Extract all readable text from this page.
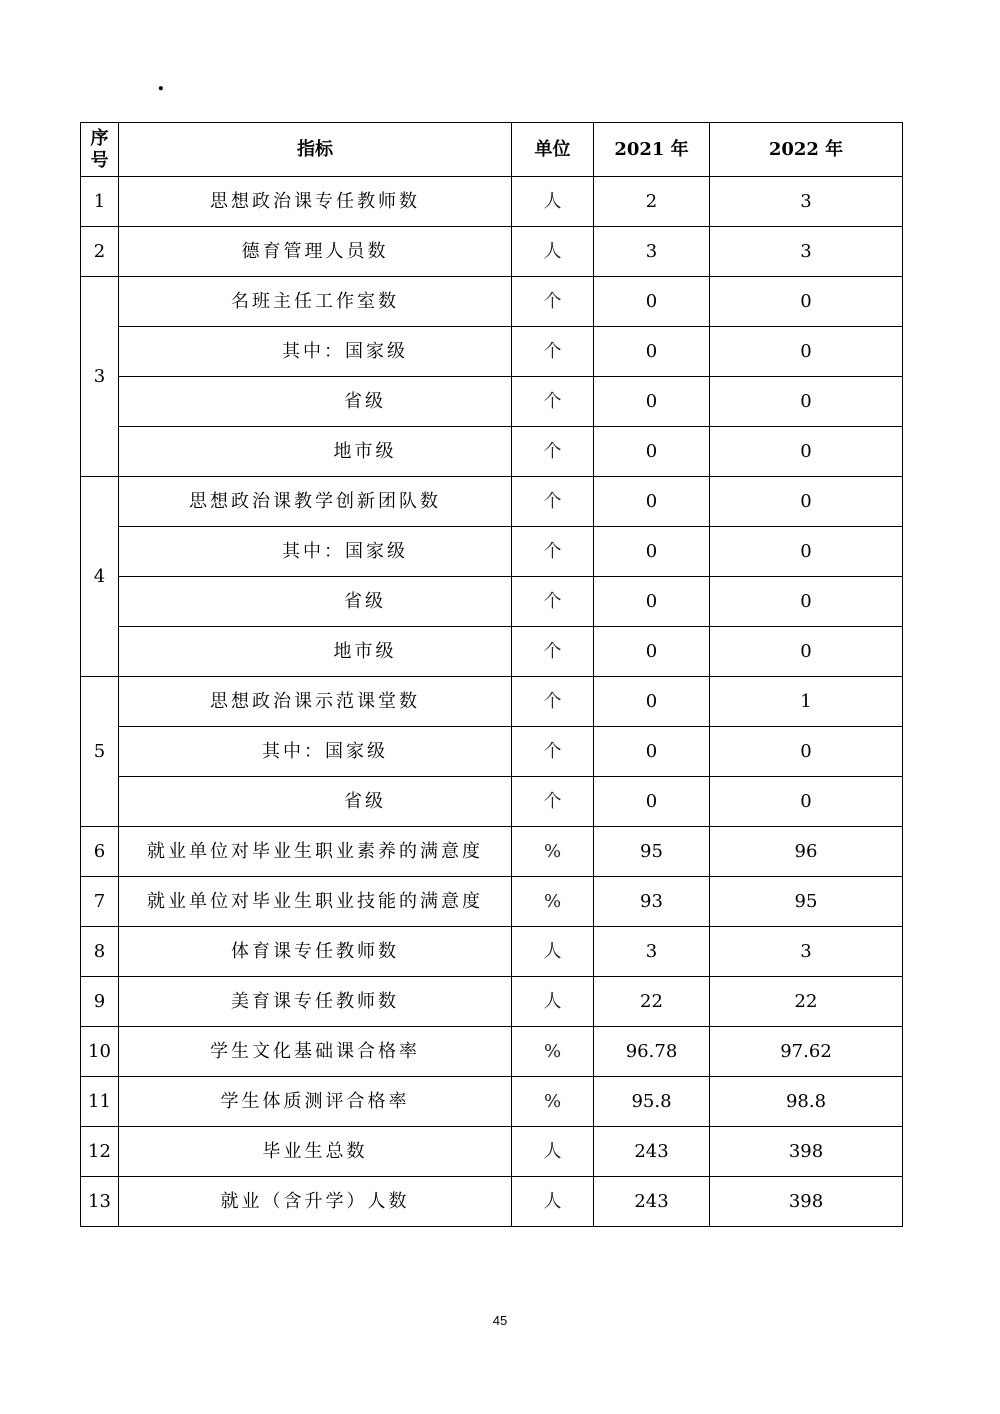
.
序
号	指标	单位	2021 年	2022 年
1	思想政治课专任教师数	人	2	3
2	德育管理人员数	人	3	3
3	名班主任工作室数	个	0	0
	其中：国家级	个	0	0
	省级	个	0	0
	地市级	个	0	0
4	思想政治课教学创新团队数	个	0	0
	其中：国家级	个	0	0
	省级	个	0	0
	地市级	个	0	0
5	思想政治课示范课堂数	个	0	1
	其中：国家级	个	0	0
	省级	个	0	0
6	就业单位对毕业生职业素养的满意度	%	95	96
7	就业单位对毕业生职业技能的满意度	%	93	95
8	体育课专任教师数	人	3	3
9	美育课专任教师数	人	22	22
10	学生文化基础课合格率	%	96.78	97.62
11	学生体质测评合格率	%	95.8	98.8
12	毕业生总数	人	243	398
13	就业（含升学）人数	人	243	398
45
